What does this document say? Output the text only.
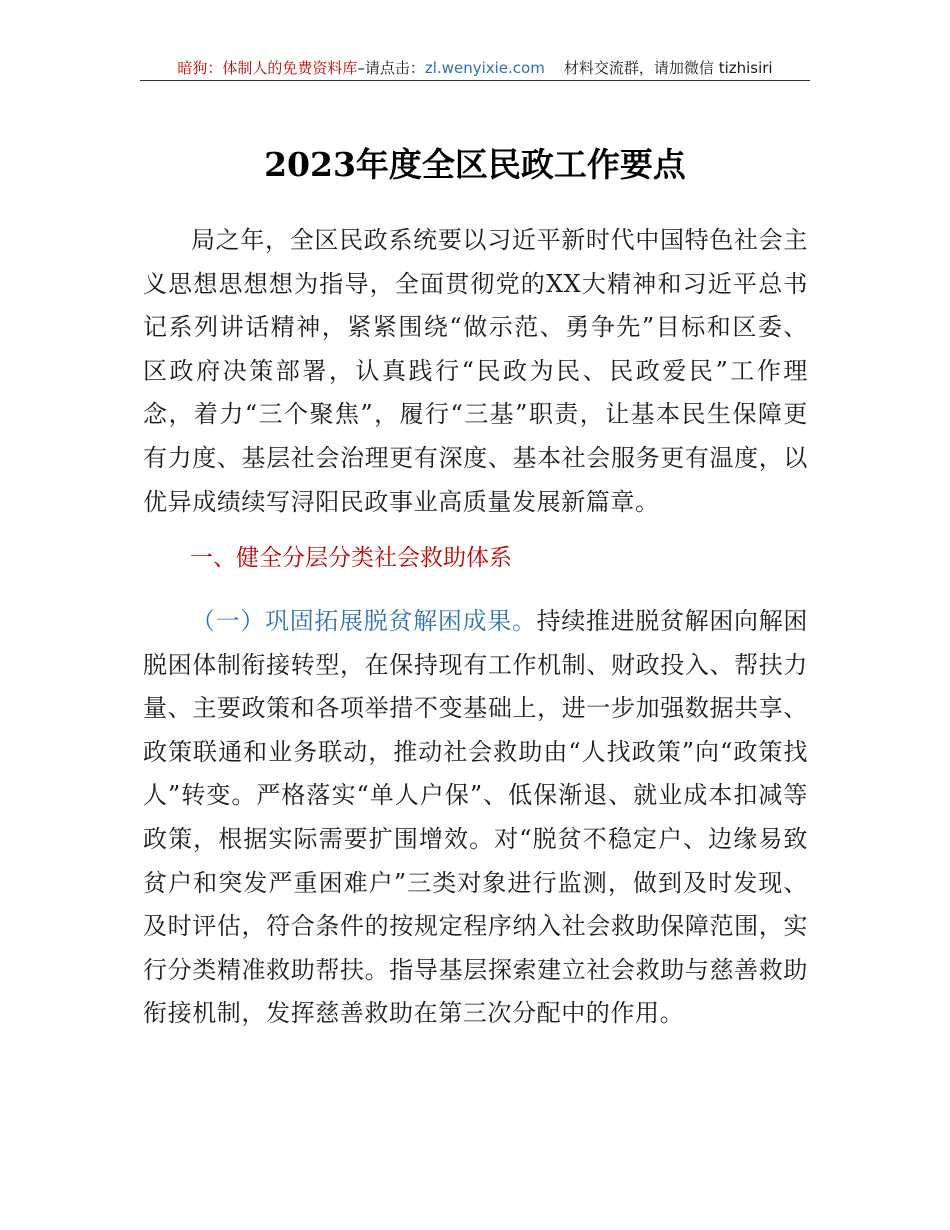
暗狗：体制人的免费资料库–请点击：zl.wenyixie.com 材料交流群，请加微信 tizhisiri
2023年度全区民政工作要点

局之年，全区民政系统要以习近平新时代中国特色社会主义思想思想想为指导，全面贯彻党的XX大精神和习近平总书记系列讲话精神，紧紧围绕“做示范、勇争先”目标和区委、区政府决策部署，认真践行“民政为民、民政爱民”工作理念，着力“三个聚焦”，履行“三基”职责，让基本民生保障更有力度、基层社会治理更有深度、基本社会服务更有温度，以优异成绩续写浔阳民政事业高质量发展新篇章。

一、健全分层分类社会救助体系

（一）巩固拓展脱贫解困成果。持续推进脱贫解困向解困脱困体制衔接转型，在保持现有工作机制、财政投入、帮扶力量、主要政策和各项举措不变基础上，进一步加强数据共享、政策联通和业务联动，推动社会救助由“人找政策”向“政策找人”转变。严格落实“单人户保”、低保渐退、就业成本扣减等政策，根据实际需要扩围增效。对“脱贫不稳定户、边缘易致贫户和突发严重困难户”三类对象进行监测，做到及时发现、及时评估，符合条件的按规定程序纳入社会救助保障范围，实行分类精准救助帮扶。指导基层探索建立社会救助与慈善救助衔接机制，发挥慈善救助在第三次分配中的作用。
